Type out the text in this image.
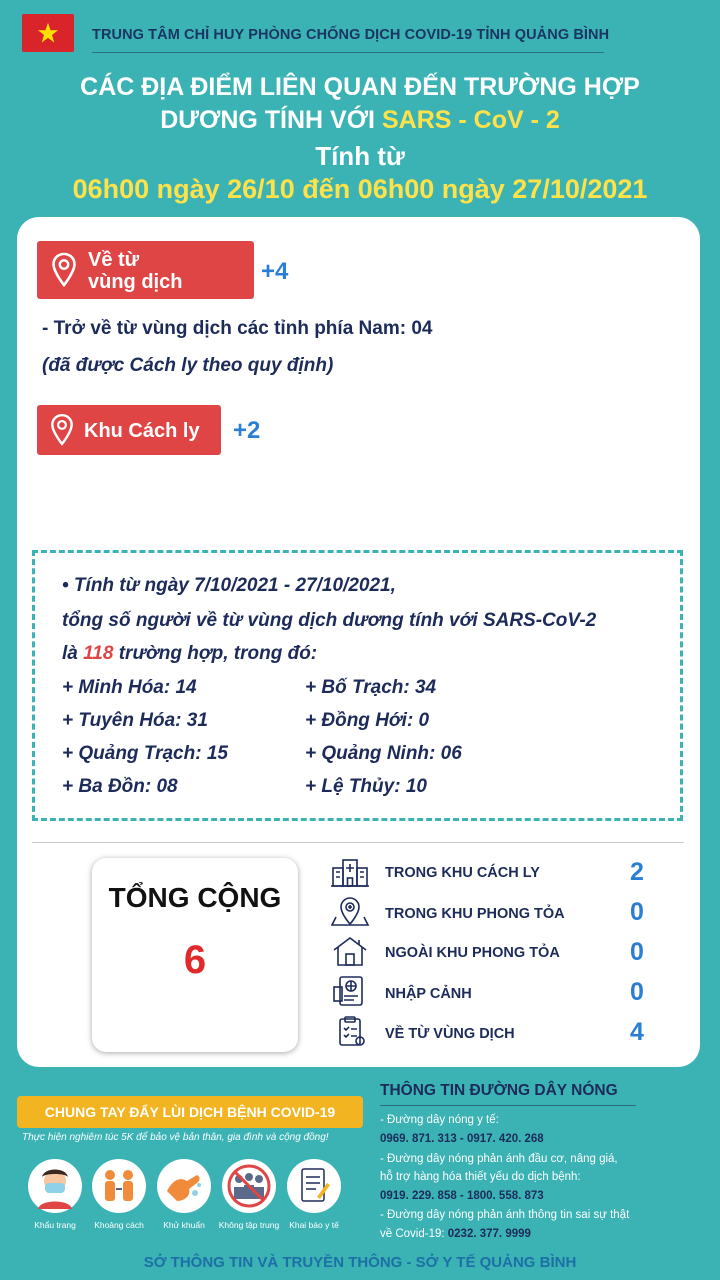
TRUNG TÂM CHỈ HUY PHÒNG CHỐNG DỊCH COVID-19 TỈNH QUẢNG BÌNH
CÁC ĐỊA ĐIỂM LIÊN QUAN ĐẾN TRƯỜNG HỢP
DƯƠNG TÍNH VỚI SARS - CoV - 2
Tính từ
06h00 ngày 26/10 đến 06h00 ngày 27/10/2021
Về từ
vùng dịch	+4
- Trở về từ vùng dịch các tỉnh phía Nam: 04
(đã được Cách ly theo quy định)
Khu Cách ly +2
• Tính từ ngày 7/10/2021 - 27/10/2021,
tổng số người về từ vùng dịch dương tính với SARS-CoV-2
là 118 trường hợp, trong đó:
+ Minh Hóa: 14	+ Bố Trạch: 34
+ Tuyên Hóa: 31	+ Đồng Hới: 0
+ Quảng Trạch: 15	+ Quảng Ninh: 06
+ Ba Đồn: 08	+ Lệ Thủy: 10
TỔNG CỘNG
6
TRONG KHU CÁCH LY	2
TRONG KHU PHONG TỎA	0
NGOÀI KHU PHONG TỎA	0
NHẬP CẢNH	0
VỀ TỪ VÙNG DỊCH	4
CHUNG TAY ĐẨY LÙI DỊCH BỆNH COVID-19
Thực hiện nghiêm túc 5K để bảo vệ bản thân, gia đình và cộng đồng!
Khẩu trang	Khoảng cách	Khử khuẩn	Không tập trung	Khai báo y tế
THÔNG TIN ĐƯỜNG DÂY NÓNG
- Đường dây nóng y tế:
0969. 871. 313 - 0917. 420. 268
- Đường dây nóng phản ánh đầu cơ, nâng giá,
hỗ trợ hàng hóa thiết yếu do dịch bệnh:
0919. 229. 858 - 1800. 558. 873
- Đường dây nóng phản ánh thông tin sai sự thật
về Covid-19: 0232. 377. 9999
SỞ THÔNG TIN VÀ TRUYỀN THÔNG - SỞ Y TẾ QUẢNG BÌNH
